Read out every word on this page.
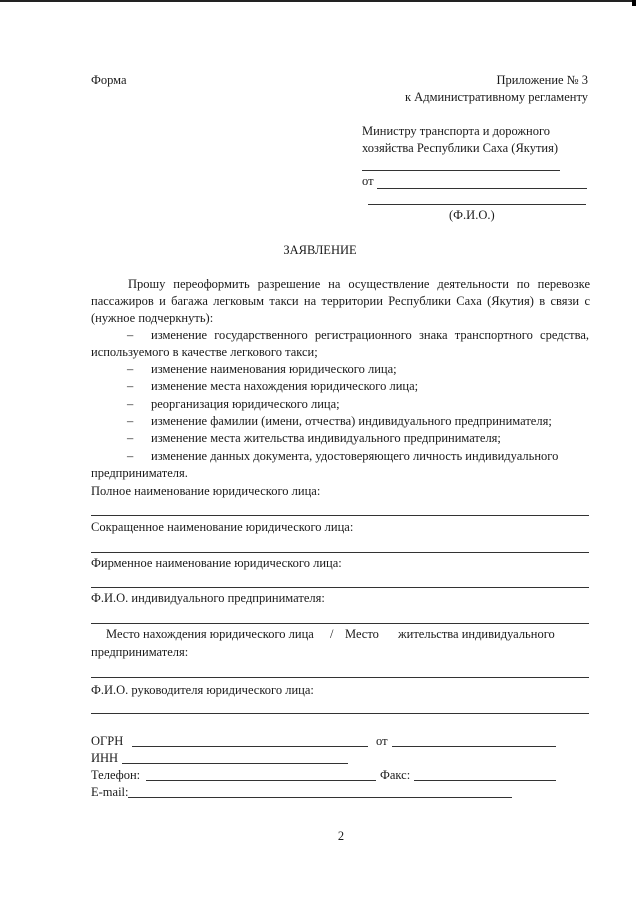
Форма	Приложение № 3
к Административному регламенту
Министру транспорта и дорожного
хозяйства Республики Саха (Якутия)
от
(Ф.И.О.)
ЗАЯВЛЕНИЕ
Прошу переоформить разрешение на осуществление деятельности по перевозке
пассажиров и багажа легковым такси на территории Республики Саха (Якутия) в связи с
(нужное подчеркнуть):
– изменение государственного регистрационного знака транспортного средства,
используемого в качестве легкового такси;
– изменение наименования юридического лица;
– изменение места нахождения юридического лица;
– реорганизация юридического лица;
– изменение фамилии (имени, отчества) индивидуального предпринимателя;
– изменение места жительства индивидуального предпринимателя;
– изменение данных документа, удостоверяющего личность индивидуального
предпринимателя.
Полное наименование юридического лица:
Сокращенное наименование юридического лица:
Фирменное наименование юридического лица:
Ф.И.О. индивидуального предпринимателя:
Место нахождения юридического лица / Место жительства индивидуального
предпринимателя:
Ф.И.О. руководителя юридического лица:
ОГРН	от
ИНН
Телефон:	Факс:
E-mail:
2
